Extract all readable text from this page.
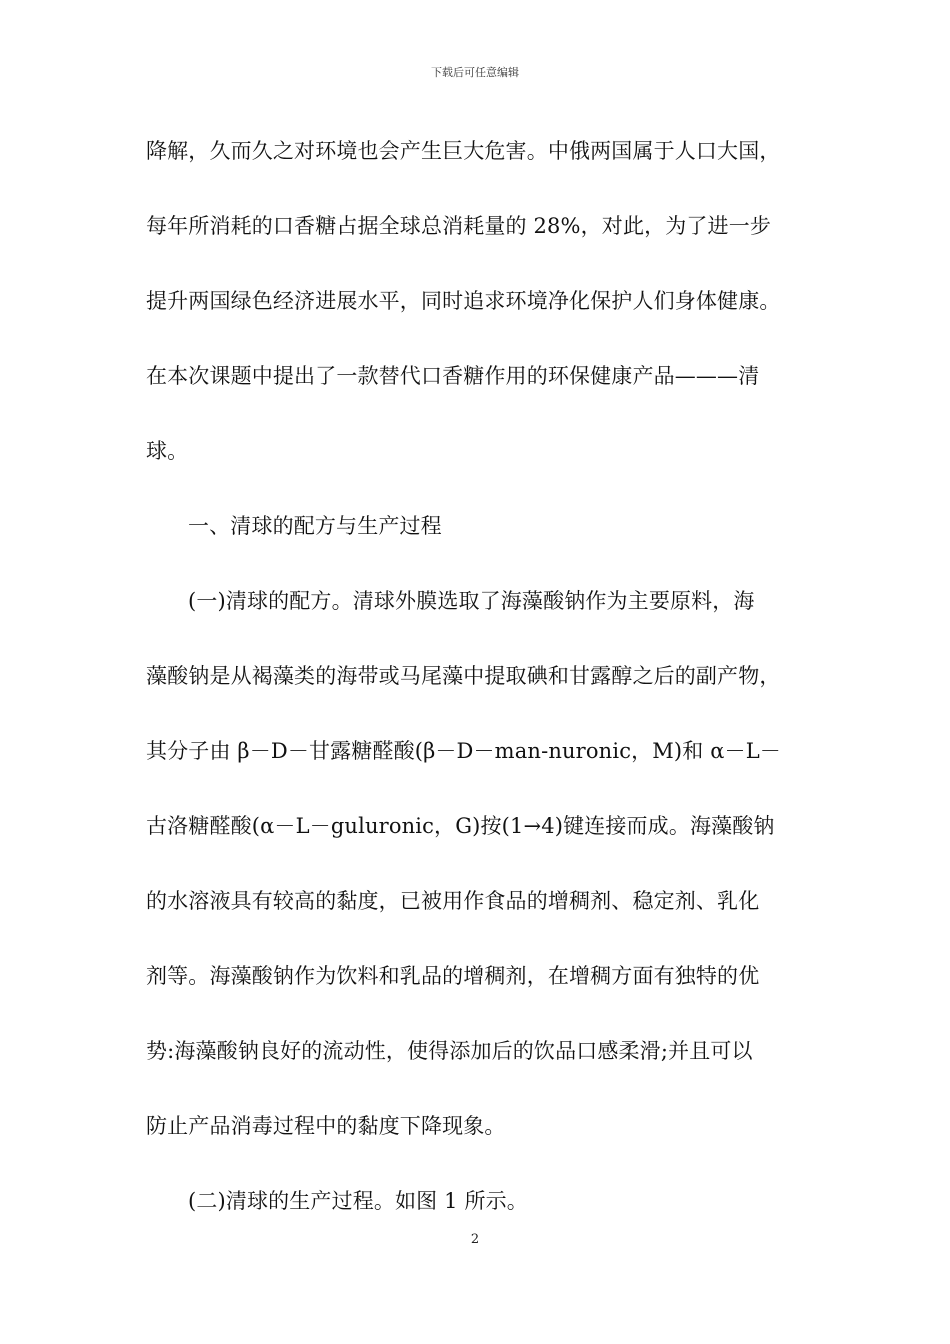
下载后可任意编辑
降解，久而久之对环境也会产生巨大危害。中俄两国属于人口大国，
每年所消耗的口香糖占据全球总消耗量的 28%，对此，为了进一步
提升两国绿色经济进展水平，同时追求环境净化保护人们身体健康。
在本次课题中提出了一款替代口香糖作用的环保健康产品———清
球。
一、清球的配方与生产过程
(一)清球的配方。清球外膜选取了海藻酸钠作为主要原料，海
藻酸钠是从褐藻类的海带或马尾藻中提取碘和甘露醇之后的副产物，
其分子由 β－D－甘露糖醛酸(β－D－man-nuronic，M)和 α－L－
古洛糖醛酸(α－L－guluronic，G)按(1→4)键连接而成。海藻酸钠
的水溶液具有较高的黏度，已被用作食品的增稠剂、稳定剂、乳化
剂等。海藻酸钠作为饮料和乳品的增稠剂，在增稠方面有独特的优
势:海藻酸钠良好的流动性，使得添加后的饮品口感柔滑;并且可以
防止产品消毒过程中的黏度下降现象。
(二)清球的生产过程。如图 1 所示。
2
